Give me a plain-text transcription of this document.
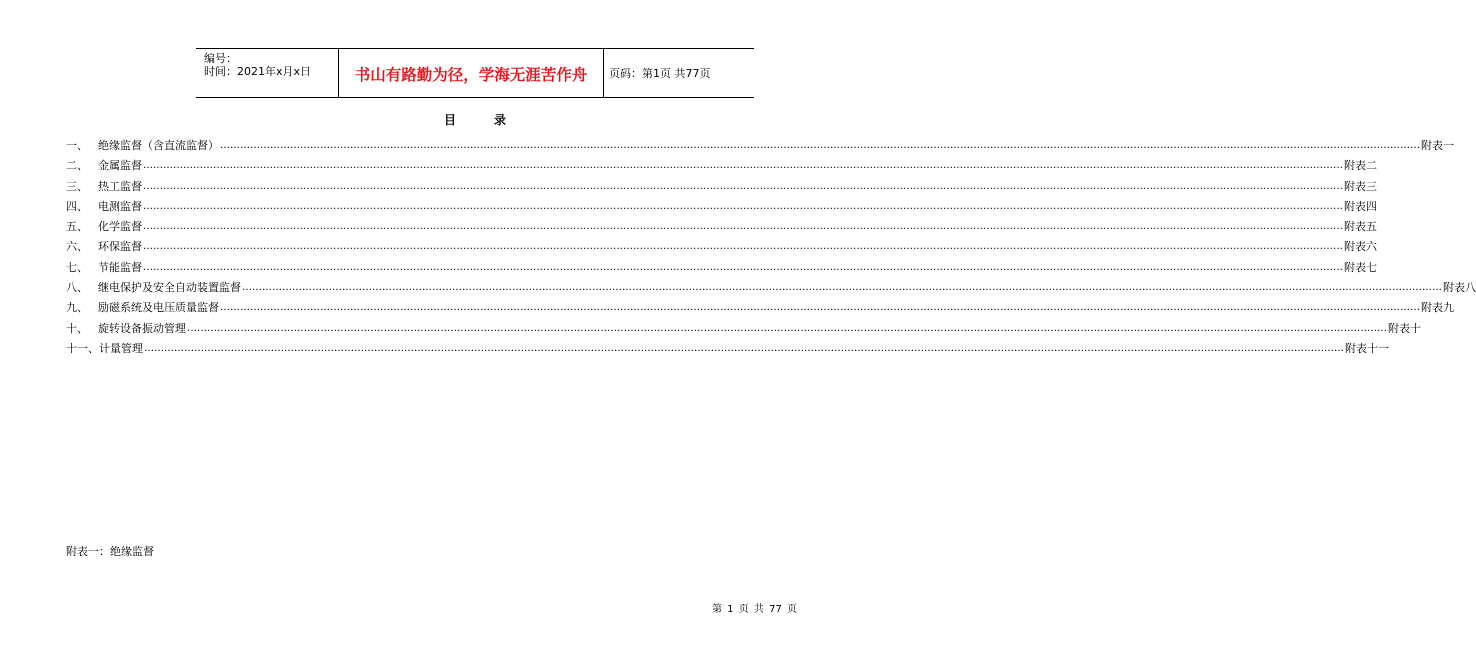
编号：
时间：2021年x月x日	书山有路勤为径，学海无涯苦作舟	页码：第1页 共77页
目录
一、 绝缘监督（含直流监督） ……………………………………………………………………………………………………………………………………………………………………………………………………………………………………………………………………………………………………………………………… 附表一
二、 金属监督 ……………………………………………………………………………………………………………………………………………………………………………………………………………………………………………………………………………………………………………………………… 附表二
三、 热工监督 ……………………………………………………………………………………………………………………………………………………………………………………………………………………………………………………………………………………………………………………………… 附表三
四、 电测监督 ……………………………………………………………………………………………………………………………………………………………………………………………………………………………………………………………………………………………………………………………… 附表四
五、 化学监督 ……………………………………………………………………………………………………………………………………………………………………………………………………………………………………………………………………………………………………………………………… 附表五
六、 环保监督 ……………………………………………………………………………………………………………………………………………………………………………………………………………………………………………………………………………………………………………………………… 附表六
七、 节能监督 ……………………………………………………………………………………………………………………………………………………………………………………………………………………………………………………………………………………………………………………………… 附表七
八、 继电保护及安全自动装置监督 ……………………………………………………………………………………………………………………………………………………………………………………………………………………………………………………………………………………………………………………………… 附表八
九、 励磁系统及电压质量监督 ……………………………………………………………………………………………………………………………………………………………………………………………………………………………………………………………………………………………………………………………… 附表九
十、 旋转设备振动管理 ……………………………………………………………………………………………………………………………………………………………………………………………………………………………………………………………………………………………………………………………… 附表十
十一、 计量管理 ……………………………………………………………………………………………………………………………………………………………………………………………………………………………………………………………………………………………………………………………… 附表十一
附表一：绝缘监督
第 1 页 共 77 页
